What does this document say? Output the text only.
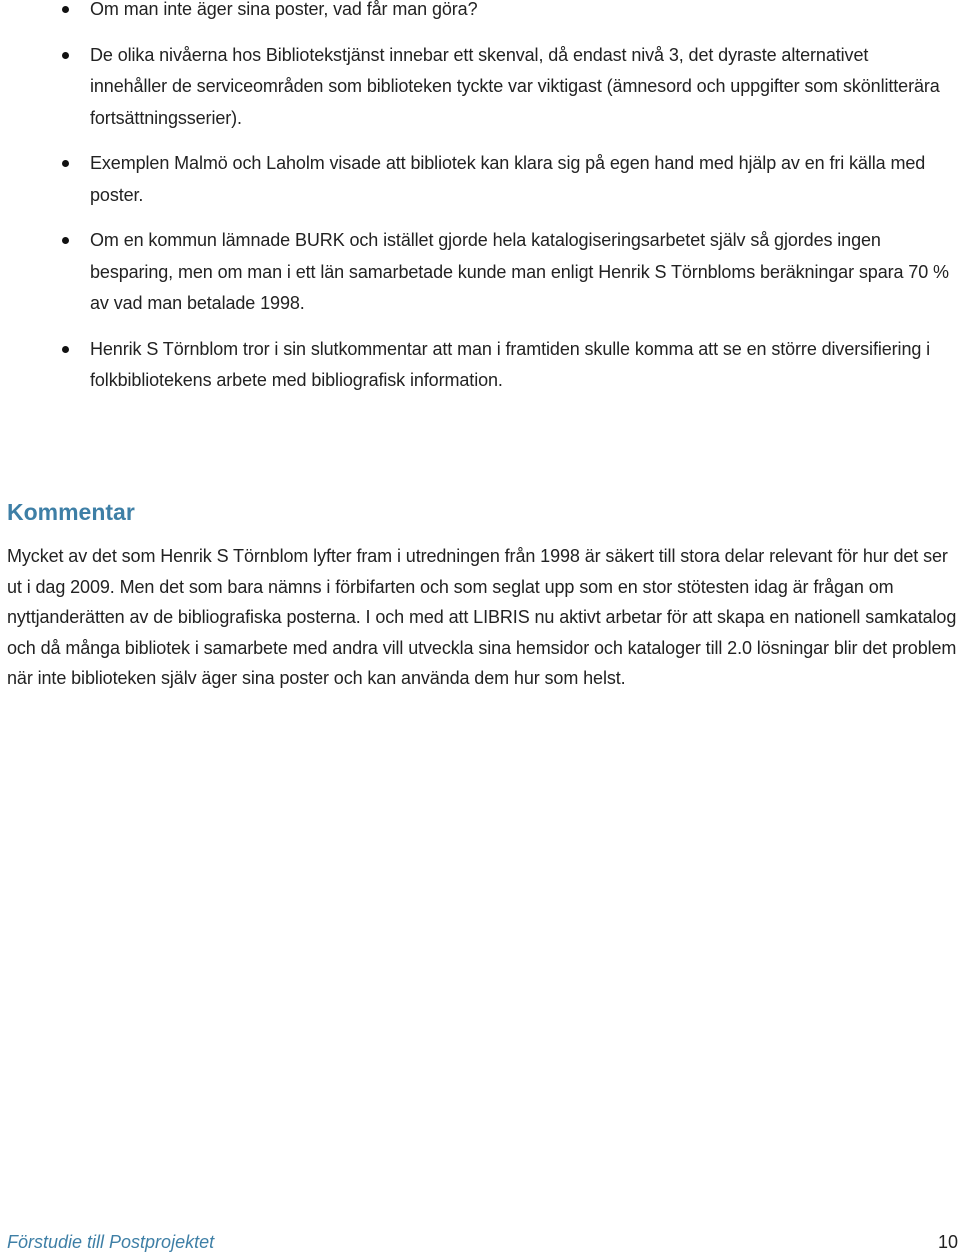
Om man inte äger sina poster, vad får man göra?
De olika nivåerna hos Bibliotekstjänst innebar ett skenval, då endast nivå 3, det dyraste alternativet innehåller de serviceområden som biblioteken tyckte var viktigast (ämnesord och uppgifter som skönlitterära fortsättningsserier).
Exemplen Malmö och Laholm visade att bibliotek kan klara sig på egen hand med hjälp av en fri källa med poster.
Om en kommun lämnade BURK och istället gjorde hela katalogiseringsarbetet själv så gjordes ingen besparing, men om man i ett län samarbetade kunde man enligt Henrik S Törnbloms beräkningar spara 70 % av vad man betalade 1998.
Henrik S Törnblom tror i sin slutkommentar att man i framtiden skulle komma att se en större diversifiering i folkbibliotekens arbete med bibliografisk information.
Kommentar

Mycket av det som Henrik S Törnblom lyfter fram i utredningen från 1998 är säkert till stora delar relevant för hur det ser ut i dag 2009. Men det som bara nämns i förbifarten och som seglat upp som en stor stötesten idag är frågan om nyttjanderätten av de bibliografiska posterna. I och med att LIBRIS nu aktivt arbetar för att skapa en nationell samkatalog och då många bibliotek i samarbete med andra vill utveckla sina hemsidor och kataloger till 2.0 lösningar blir det problem när inte biblioteken själv äger sina poster och kan använda dem hur som helst.

Förstudie till Postprojektet	10
